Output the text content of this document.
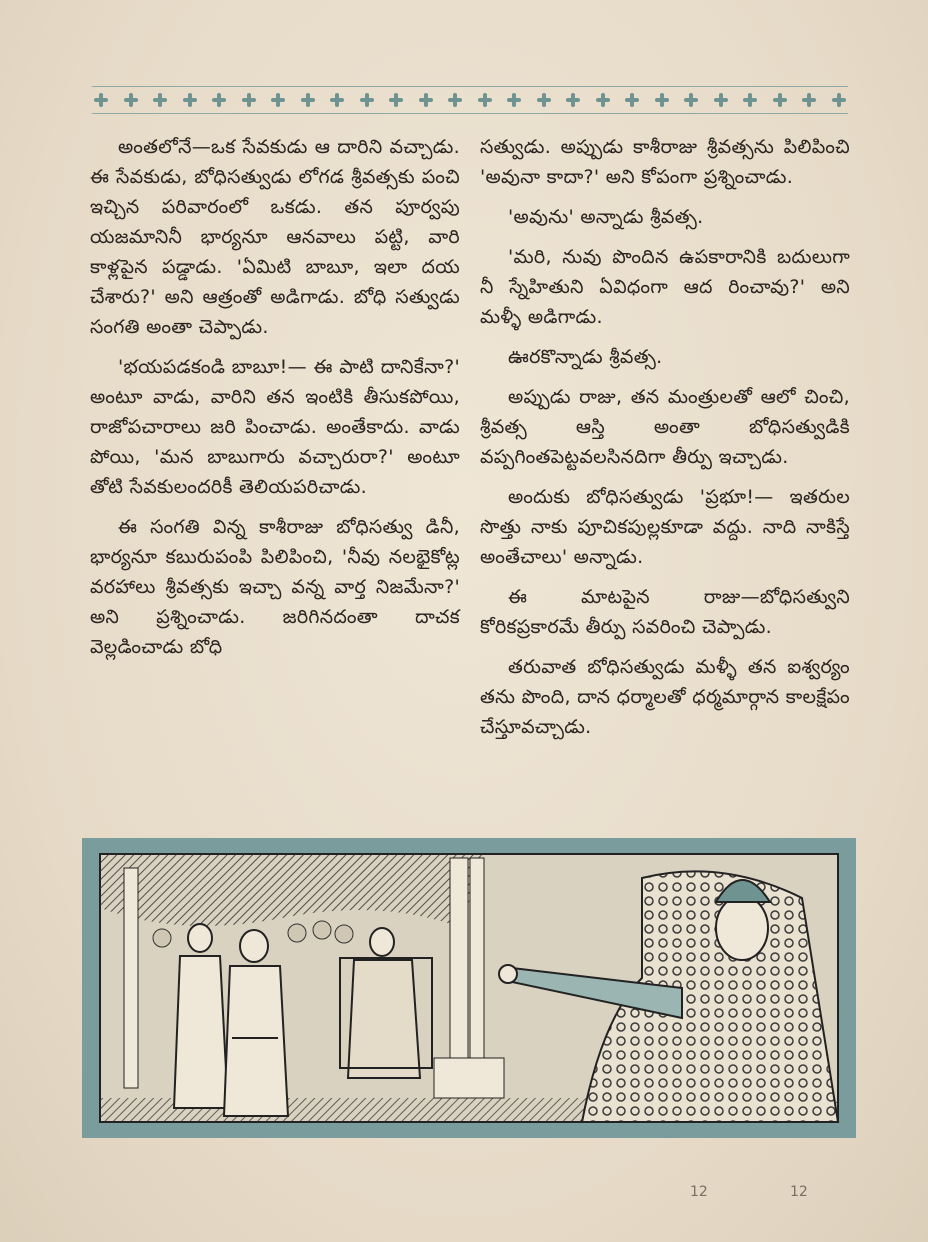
అంతలోనే—ఒక సేవకుడు ఆ దారిని వచ్చాడు. ఈ సేవకుడు, బోధిసత్వుడు లోగడ శ్రీవత్సకు పంచి ఇచ్చిన పరివారంలో ఒకడు. తన పూర్వపు యజమానినీ భార్యనూ ఆనవాలు పట్టి, వారి కాళ్లపైన పడ్డాడు. 'ఏమిటి బాబూ, ఇలా దయ చేశారు?' అని ఆత్రంతో అడిగాడు. బోధి సత్వుడు సంగతి అంతా చెప్పాడు.

'భయపడకండి బాబూ!— ఈ పాటి దానికేనా?' అంటూ వాడు, వారిని తన ఇంటికి తీసుకపోయి, రాజోపచారాలు జరి పించాడు. అంతేకాదు. వాడు పోయి, 'మన బాబుగారు వచ్చారురా?' అంటూ తోటి సేవకులందరికీ తెలియపరిచాడు.

ఈ సంగతి విన్న కాశీరాజు బోధిసత్వు డినీ, భార్యనూ కబురుపంపి పిలిపించి, 'నీవు నలభైకోట్ల వరహాలు శ్రీవత్సకు ఇచ్చా వన్న వార్త నిజమేనా?' అని ప్రశ్నించాడు. జరిగినదంతా దాచక వెల్లడించాడు బోధి

సత్వుడు. అప్పుడు కాశీరాజు శ్రీవత్సను పిలిపించి 'అవునా కాదా?' అని కోపంగా ప్రశ్నించాడు.

'అవును' అన్నాడు శ్రీవత్స.

'మరి, నువు పొందిన ఉపకారానికి బదులుగా నీ స్నేహితుని ఏవిధంగా ఆద రించావు?' అని మళ్ళీ అడిగాడు.

ఊరకొన్నాడు శ్రీవత్స.

అప్పుడు రాజు, తన మంత్రులతో ఆలో చించి, శ్రీవత్స ఆస్తి అంతా బోధిసత్వుడికి వప్పగింతపెట్టవలసినదిగా తీర్పు ఇచ్చాడు.

అందుకు బోధిసత్వుడు 'ప్రభూ!— ఇతరుల సొత్తు నాకు పూచికపుల్లకూడా వద్దు. నాది నాకిస్తే అంతేచాలు' అన్నాడు.

ఈ మాటపైన రాజు—బోధిసత్వుని కోరికప్రకారమే తీర్పు సవరించి చెప్పాడు.

తరువాత బోధిసత్వుడు మళ్ళీ తన ఐశ్వర్యం తను పొంది, దాన ధర్మాలతో ధర్మమార్గాన కాలక్షేపం చేస్తూవచ్చాడు.

12	12
